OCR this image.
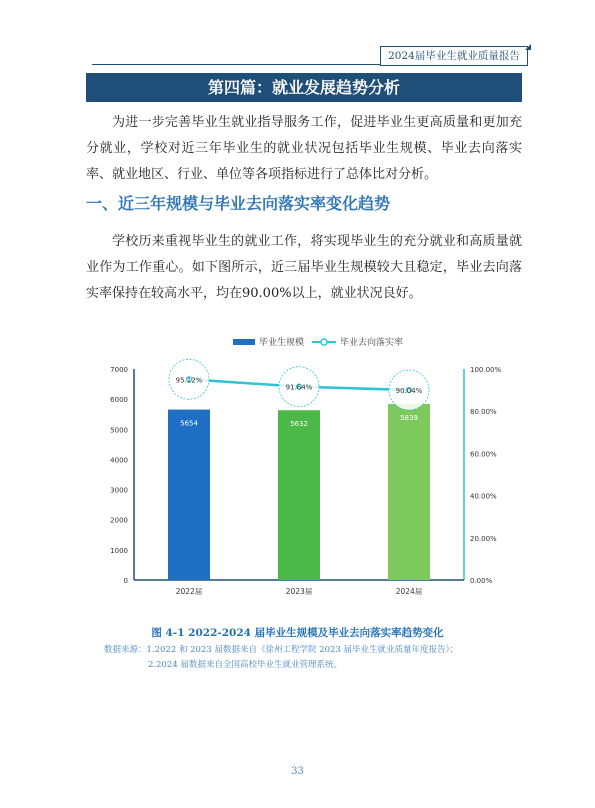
2024届毕业生就业质量报告
第四篇：就业发展趋势分析
为进一步完善毕业生就业指导服务工作，促进毕业生更高质量和更加充分就业，学校对近三年毕业生的就业状况包括毕业生规模、毕业去向落实率、就业地区、行业、单位等各项指标进行了总体比对分析。
一、近三年规模与毕业去向落实率变化趋势
学校历来重视毕业生的就业工作，将实现毕业生的充分就业和高质量就业作为工作重心。如下图所示，近三届毕业生规模较大且稳定，毕业去向落实率保持在较高水平，均在90.00%以上，就业状况良好。
毕业生规模	毕业去向落实率
0
1000
2000
3000
4000
5000
6000
7000
0.00%
20.00%
40.00%
60.00%
80.00%
100.00%
5654
2022届
5632
2023届
5839
2024届
95.12%
91.64%	90.04%
图 4-1 2022-2024 届毕业生规模及毕业去向落实率趋势变化
数据来源：1.2022 和 2023 届数据来自《徐州工程学院 2023 届毕业生就业质量年度报告》；
2.2024 届数据来自全国高校毕业生就业管理系统。
33
